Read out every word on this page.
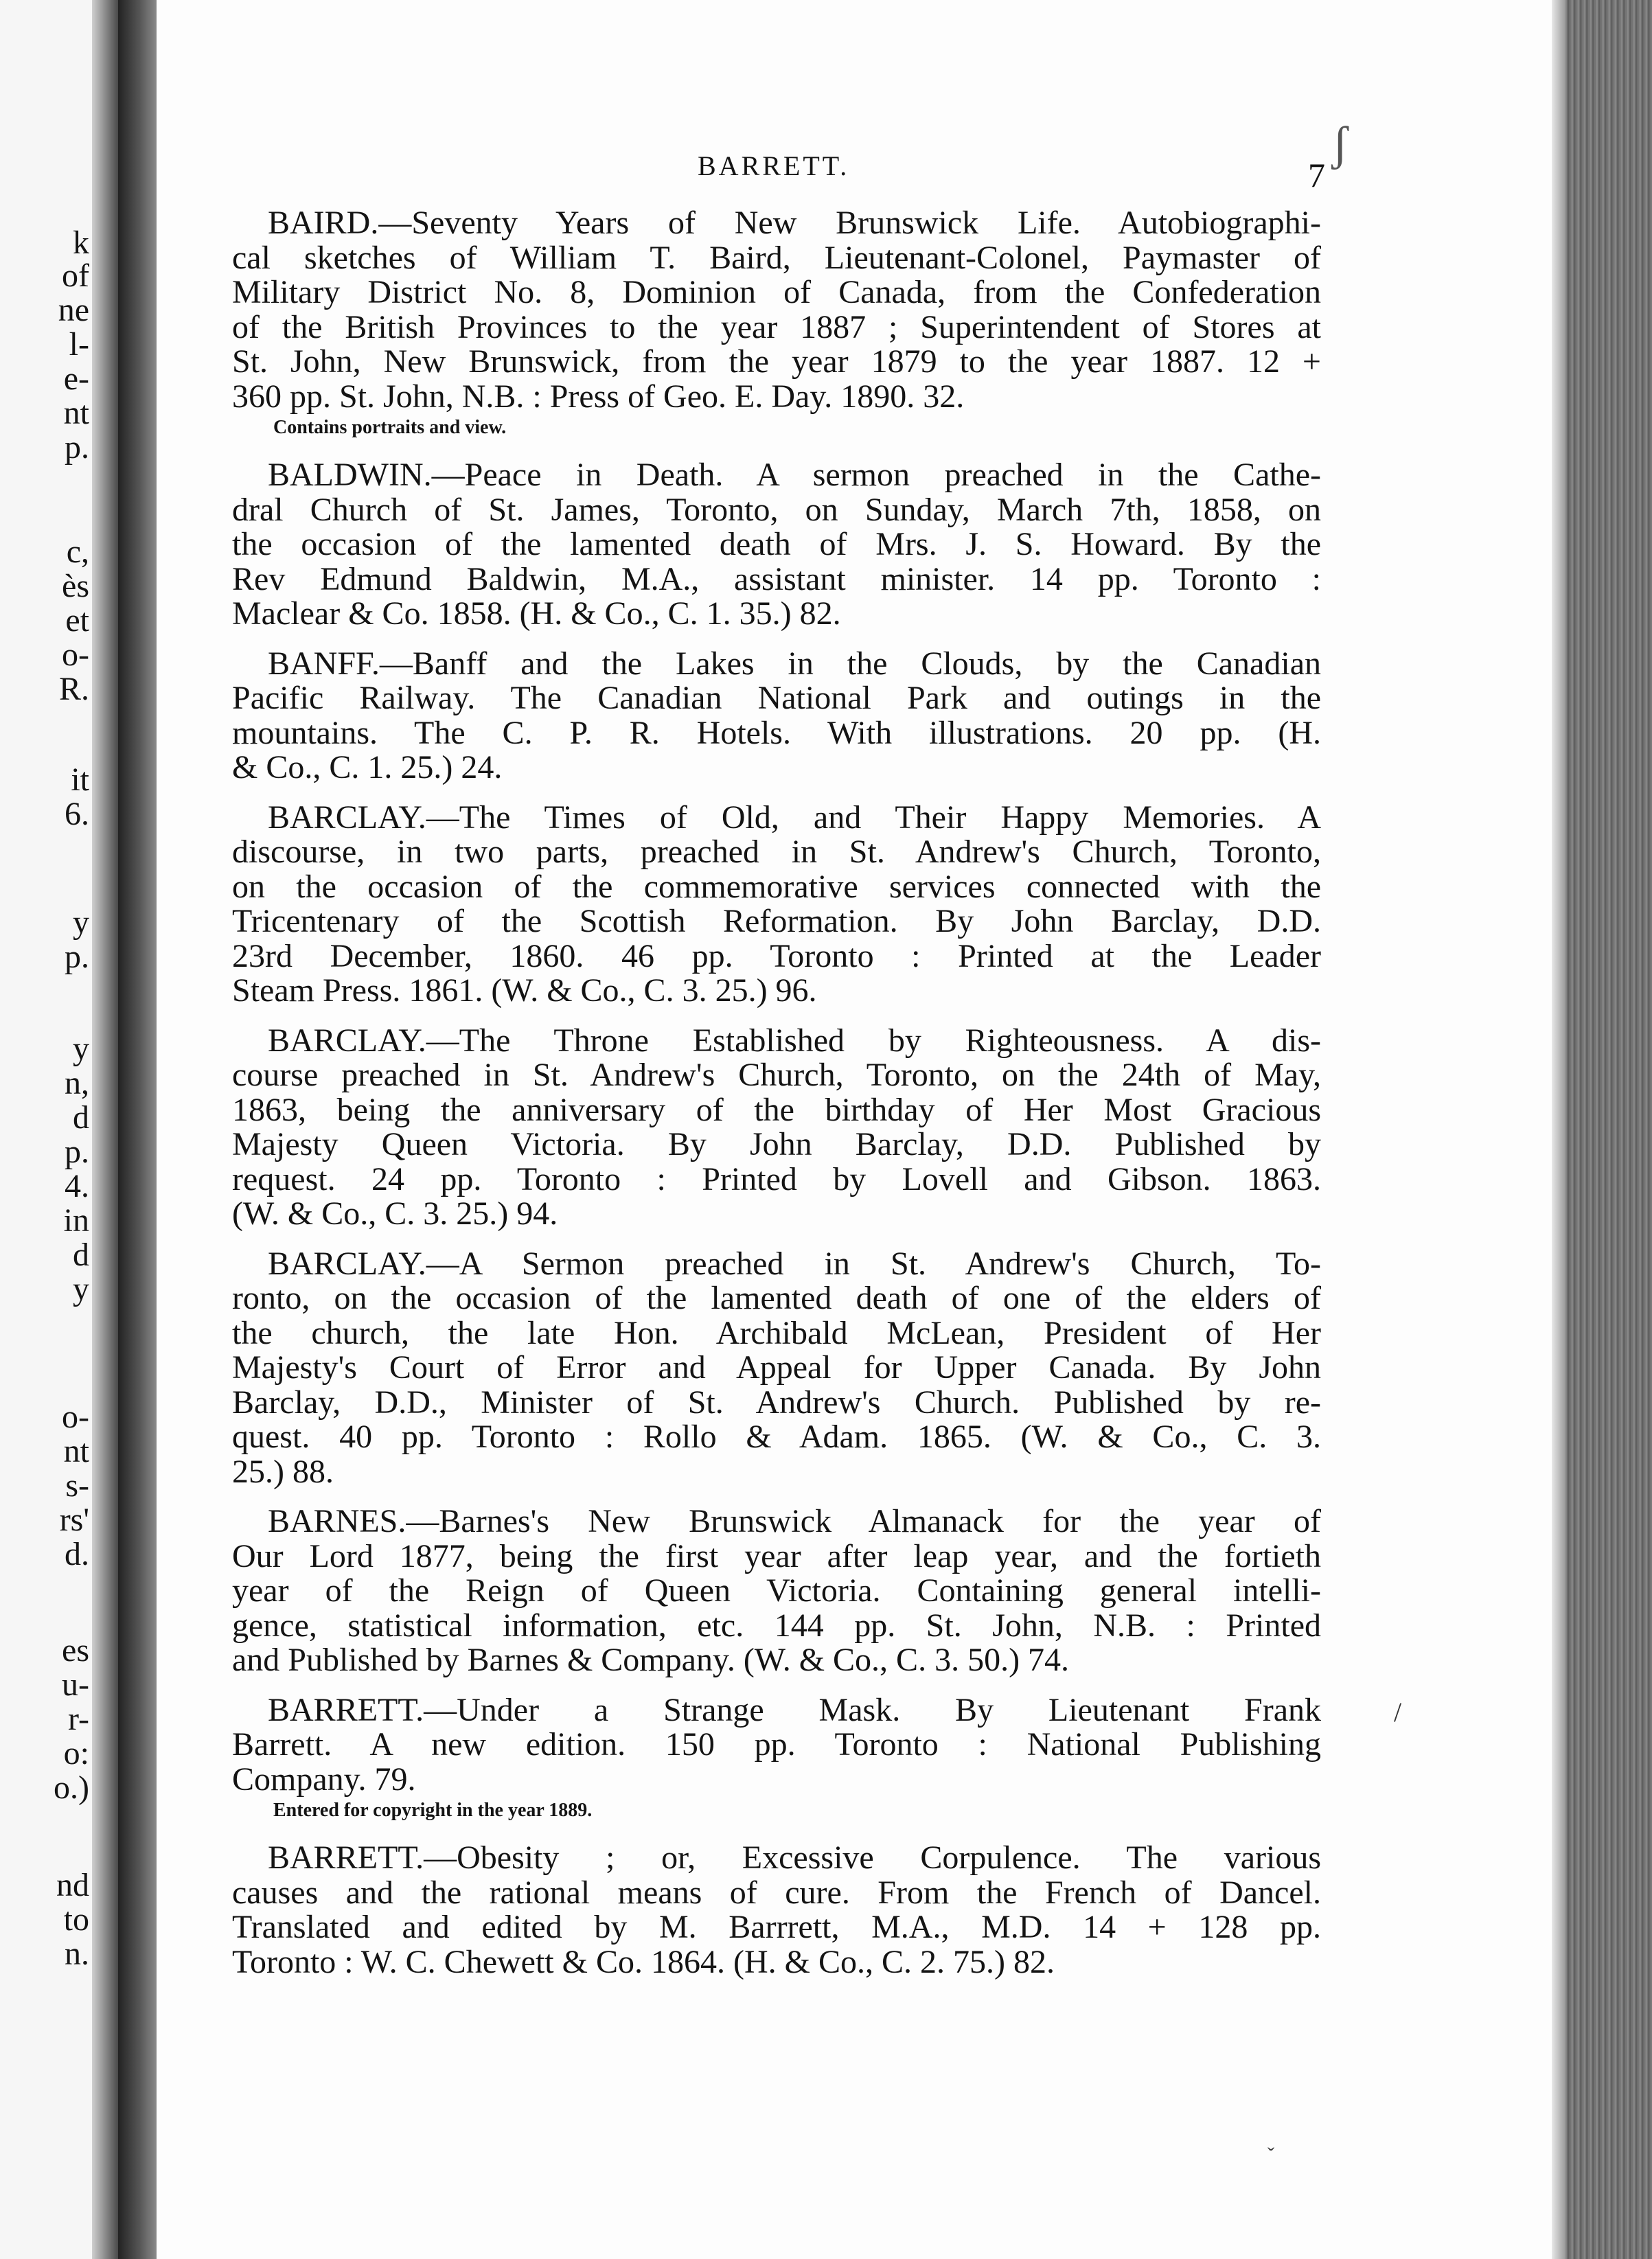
k
of
ne
l-
e-
nt
p.
c,
ès
et
o-
R.
it
6.
y
p.
y
n,
d
p.
4.
in
d
y
o-
nt
s-
rs'
d.
es
u-
r-
o:
o.)
nd
to
n.
BARRETT.	7
BAIRD.—Seventy Years of New Brunswick Life. Autobiographi-
cal sketches of William T. Baird, Lieutenant-Colonel, Paymaster of
Military District No. 8, Dominion of Canada, from the Confederation
of the British Provinces to the year 1887 ; Superintendent of Stores at
St. John, New Brunswick, from the year 1879 to the year 1887. 12 +
360 pp. St. John, N.B. : Press of Geo. E. Day. 1890. 32.
Contains portraits and view.
BALDWIN.—Peace in Death. A sermon preached in the Cathe-
dral Church of St. James, Toronto, on Sunday, March 7th, 1858, on
the occasion of the lamented death of Mrs. J. S. Howard. By the
Rev Edmund Baldwin, M.A., assistant minister. 14 pp. Toronto :
Maclear & Co. 1858. (H. & Co., C. 1. 35.) 82.
BANFF.—Banff and the Lakes in the Clouds, by the Canadian
Pacific Railway. The Canadian National Park and outings in the
mountains. The C. P. R. Hotels. With illustrations. 20 pp. (H.
& Co., C. 1. 25.) 24.
BARCLAY.—The Times of Old, and Their Happy Memories. A
discourse, in two parts, preached in St. Andrew's Church, Toronto,
on the occasion of the commemorative services connected with the
Tricentenary of the Scottish Reformation. By John Barclay, D.D.
23rd December, 1860. 46 pp. Toronto : Printed at the Leader
Steam Press. 1861. (W. & Co., C. 3. 25.) 96.
BARCLAY.—The Throne Established by Righteousness. A dis-
course preached in St. Andrew's Church, Toronto, on the 24th of May,
1863, being the anniversary of the birthday of Her Most Gracious
Majesty Queen Victoria. By John Barclay, D.D. Published by
request. 24 pp. Toronto : Printed by Lovell and Gibson. 1863.
(W. & Co., C. 3. 25.) 94.
BARCLAY.—A Sermon preached in St. Andrew's Church, To-
ronto, on the occasion of the lamented death of one of the elders of
the church, the late Hon. Archibald McLean, President of Her
Majesty's Court of Error and Appeal for Upper Canada. By John
Barclay, D.D., Minister of St. Andrew's Church. Published by re-
quest. 40 pp. Toronto : Rollo & Adam. 1865. (W. & Co., C. 3.
25.) 88.
BARNES.—Barnes's New Brunswick Almanack for the year of
Our Lord 1877, being the first year after leap year, and the fortieth
year of the Reign of Queen Victoria. Containing general intelli-
gence, statistical information, etc. 144 pp. St. John, N.B. : Printed
and Published by Barnes & Company. (W. & Co., C. 3. 50.) 74.
BARRETT.—Under a Strange Mask. By Lieutenant Frank
Barrett. A new edition. 150 pp. Toronto : National Publishing
Company. 79.
Entered for copyright in the year 1889.
BARRETT.—Obesity ; or, Excessive Corpulence. The various
causes and the rational means of cure. From the French of Dancel.
Translated and edited by M. Barrrett, M.A., M.D. 14 + 128 pp.
Toronto : W. C. Chewett & Co. 1864. (H. & Co., C. 2. 75.) 82.
ʃ
/
ˇ
